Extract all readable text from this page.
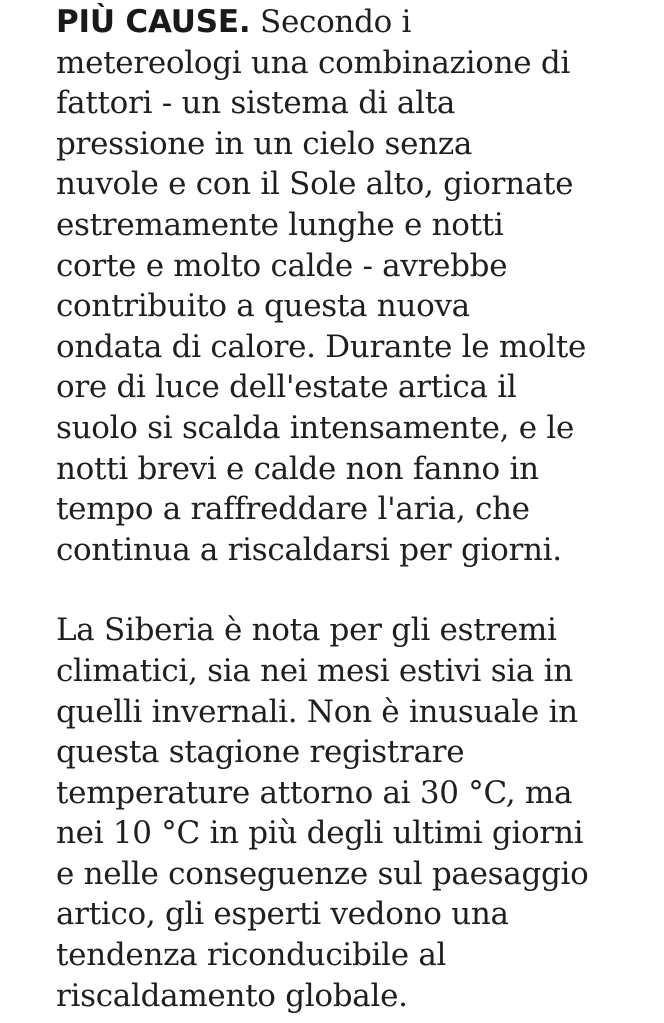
PIÙ CAUSE. Secondo i
metereologi una combinazione di
fattori - un sistema di alta
pressione in un cielo senza
nuvole e con il Sole alto, giornate
estremamente lunghe e notti
corte e molto calde - avrebbe
contribuito a questa nuova
ondata di calore. Durante le molte
ore di luce dell'estate artica il
suolo si scalda intensamente, e le
notti brevi e calde non fanno in
tempo a raffreddare l'aria, che
continua a riscaldarsi per giorni.

La Siberia è nota per gli estremi
climatici, sia nei mesi estivi sia in
quelli invernali. Non è inusuale in
questa stagione registrare
temperature attorno ai 30 °C, ma
nei 10 °C in più degli ultimi giorni
e nelle conseguenze sul paesaggio
artico, gli esperti vedono una
tendenza riconducibile al
riscaldamento globale.
